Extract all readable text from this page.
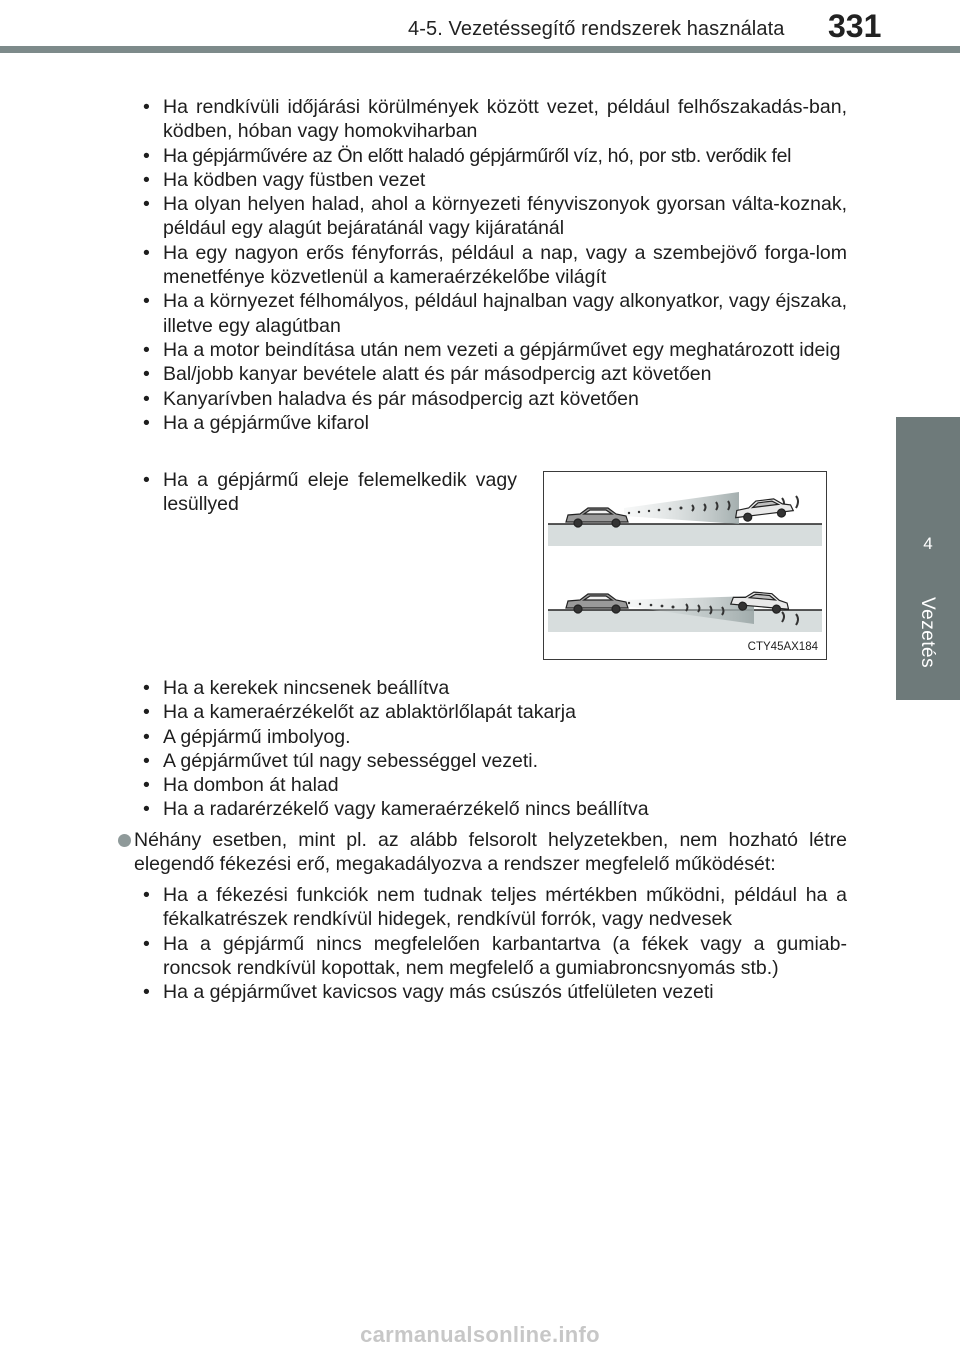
4-5. Vezetéssegítő rendszerek használata 331
4
Vezetés
• Ha rendkívüli időjárási körülmények között vezet, például felhőszakadás-ban, ködben, hóban vagy homokviharban
• Ha gépjárművére az Ön előtt haladó gépjárműről víz, hó, por stb. verődik fel
• Ha ködben vagy füstben vezet
• Ha olyan helyen halad, ahol a környezeti fényviszonyok gyorsan válta-koznak, például egy alagút bejáratánál vagy kijáratánál
• Ha egy nagyon erős fényforrás, például a nap, vagy a szembejövő forga-lom menetfénye közvetlenül a kameraérzékelőbe világít
• Ha a környezet félhomályos, például hajnalban vagy alkonyatkor, vagy éjszaka, illetve egy alagútban
• Ha a motor beindítása után nem vezeti a gépjárművet egy meghatározott ideig
• Bal/jobb kanyar bevétele alatt és pár másodpercig azt követően
• Kanyarívben haladva és pár másodpercig azt követően
• Ha a gépjárműve kifarol
• Ha a gépjármű eleje felemelkedik vagy lesüllyed
CTY45AX184
• Ha a kerekek nincsenek beállítva
• Ha a kameraérzékelőt az ablaktörlőlapát takarja
• A gépjármű imbolyog.
• A gépjárművet túl nagy sebességgel vezeti.
• Ha dombon át halad
• Ha a radarérzékelő vagy kameraérzékelő nincs beállítva
Néhány esetben, mint pl. az alább felsorolt helyzetekben, nem hozható létre elegendő fékezési erő, megakadályozva a rendszer megfelelő működését:
• Ha a fékezési funkciók nem tudnak teljes mértékben működni, például ha a fékalkatrészek rendkívül hidegek, rendkívül forrók, vagy nedvesek
• Ha a gépjármű nincs megfelelően karbantartva (a fékek vagy a gumiab-roncsok rendkívül kopottak, nem megfelelő a gumiabroncsnyomás stb.)
• Ha a gépjárművet kavicsos vagy más csúszós útfelületen vezeti
carmanualsonline.info
